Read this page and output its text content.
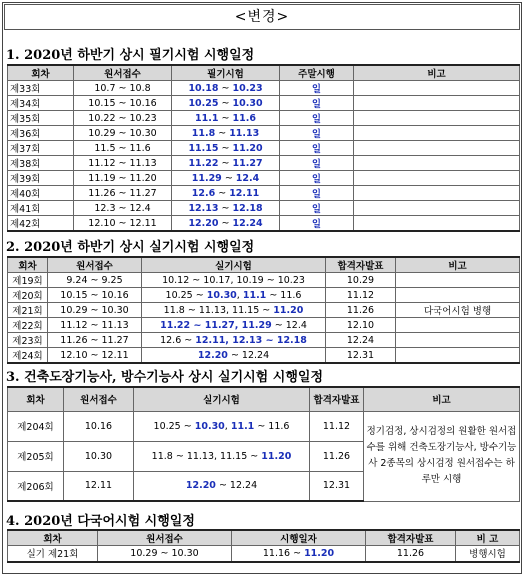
<변경>
1. 2020년 하반기 상시 필기시험 시행일정
회차	원서접수	필기시험	주말시행	비고
제33회	10.7 ~ 10.8	10.18 ~ 10.23	일	
제34회	10.15 ~ 10.16	10.25 ~ 10.30	일	
제35회	10.22 ~ 10.23	11.1 ~ 11.6	일	
제36회	10.29 ~ 10.30	11.8 ~ 11.13	일	
제37회	11.5 ~ 11.6	11.15 ~ 11.20	일	
제38회	11.12 ~ 11.13	11.22 ~ 11.27	일	
제39회	11.19 ~ 11.20	11.29 ~ 12.4	일	
제40회	11.26 ~ 11.27	12.6 ~ 12.11	일	
제41회	12.3 ~ 12.4	12.13 ~ 12.18	일	
제42회	12.10 ~ 12.11	12.20 ~ 12.24	일	
2. 2020년 하반기 상시 실기시험 시행일정
회차	원서접수	실기시험	합격자발표	비고
제19회	9.24 ~ 9.25	10.12 ~ 10.17, 10.19 ~ 10.23	10.29	
제20회	10.15 ~ 10.16	10.25 ~ 10.30, 11.1 ~ 11.6	11.12	
제21회	10.29 ~ 10.30	11.8 ~ 11.13, 11.15 ~ 11.20	11.26	다국어시험 병행
제22회	11.12 ~ 11.13	11.22 ~ 11.27, 11.29 ~ 12.4	12.10	
제23회	11.26 ~ 11.27	12.6 ~ 12.11, 12.13 ~ 12.18	12.24	
제24회	12.10 ~ 12.11	12.20 ~ 12.24	12.31	
3. 건축도장기능사, 방수기능사 상시 실기시험 시행일정
회차	원서접수	실기시험	합격자발표	비고
제204회	10.16	10.25 ~ 10.30, 11.1 ~ 11.6	11.12	정기검정, 상시검정의 원활한 원서접수를 위해 건축도장기능사, 방수기능사 2종목의 상시검정 원서접수는 하루만 시행
제205회	10.30	11.8 ~ 11.13, 11.15 ~ 11.20	11.26	
제206회	12.11	12.20 ~ 12.24	12.31	
4. 2020년 다국어시험 시행일정
회차	원서접수	시행일자	합격자발표	비 고
실기 제21회	10.29 ~ 10.30	11.16 ~ 11.20	11.26	병행시험
